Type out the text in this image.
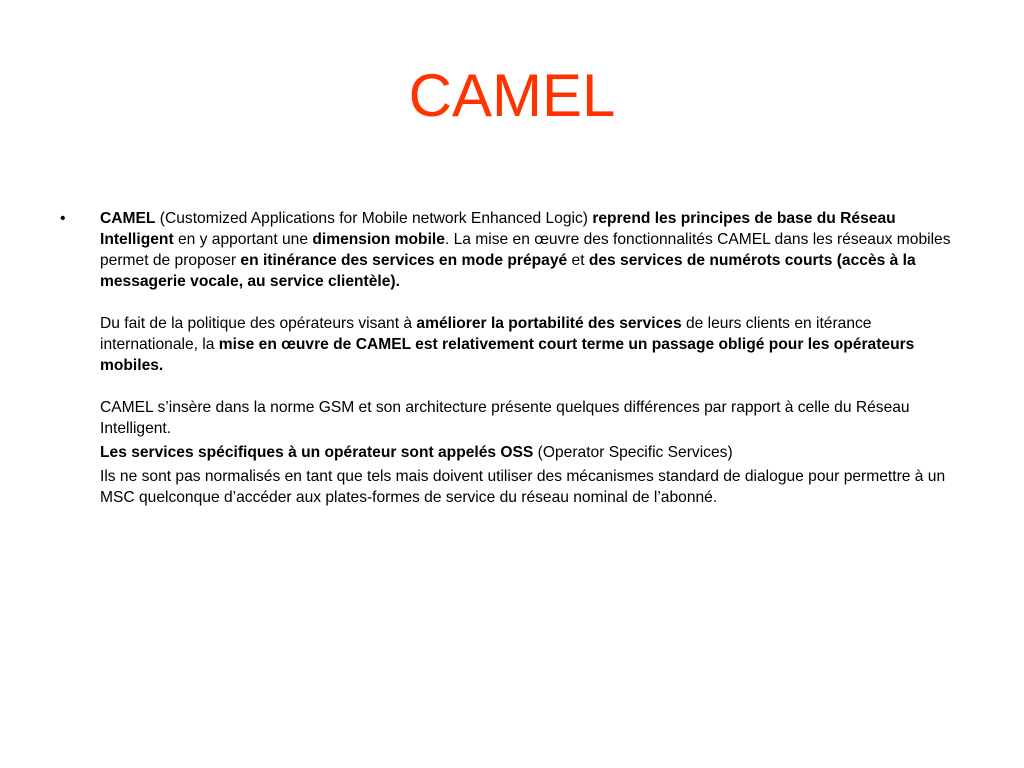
CAMEL
•	CAMEL (Customized Applications for Mobile network Enhanced Logic) reprend les principes de base du Réseau Intelligent en y apportant une dimension mobile. La mise en œuvre des fonctionnalités CAMEL dans les réseaux mobiles permet de proposer en itinérance des services en mode prépayé et des services de numérots courts (accès à la messagerie vocale, au service clientèle).

Du fait de la politique des opérateurs visant à améliorer la portabilité des services de leurs clients en itérance internationale, la mise en œuvre de CAMEL est relativement court terme un passage obligé pour les opérateurs mobiles.

CAMEL s’insère dans la norme GSM et son architecture présente quelques différences par rapport à celle du Réseau Intelligent.

Les services spécifiques à un opérateur sont appelés OSS (Operator Specific Services)

Ils ne sont pas normalisés en tant que tels mais doivent utiliser des mécanismes standard de dialogue pour permettre à un MSC quelconque d’accéder aux plates-formes de service du réseau nominal de l’abonné.
